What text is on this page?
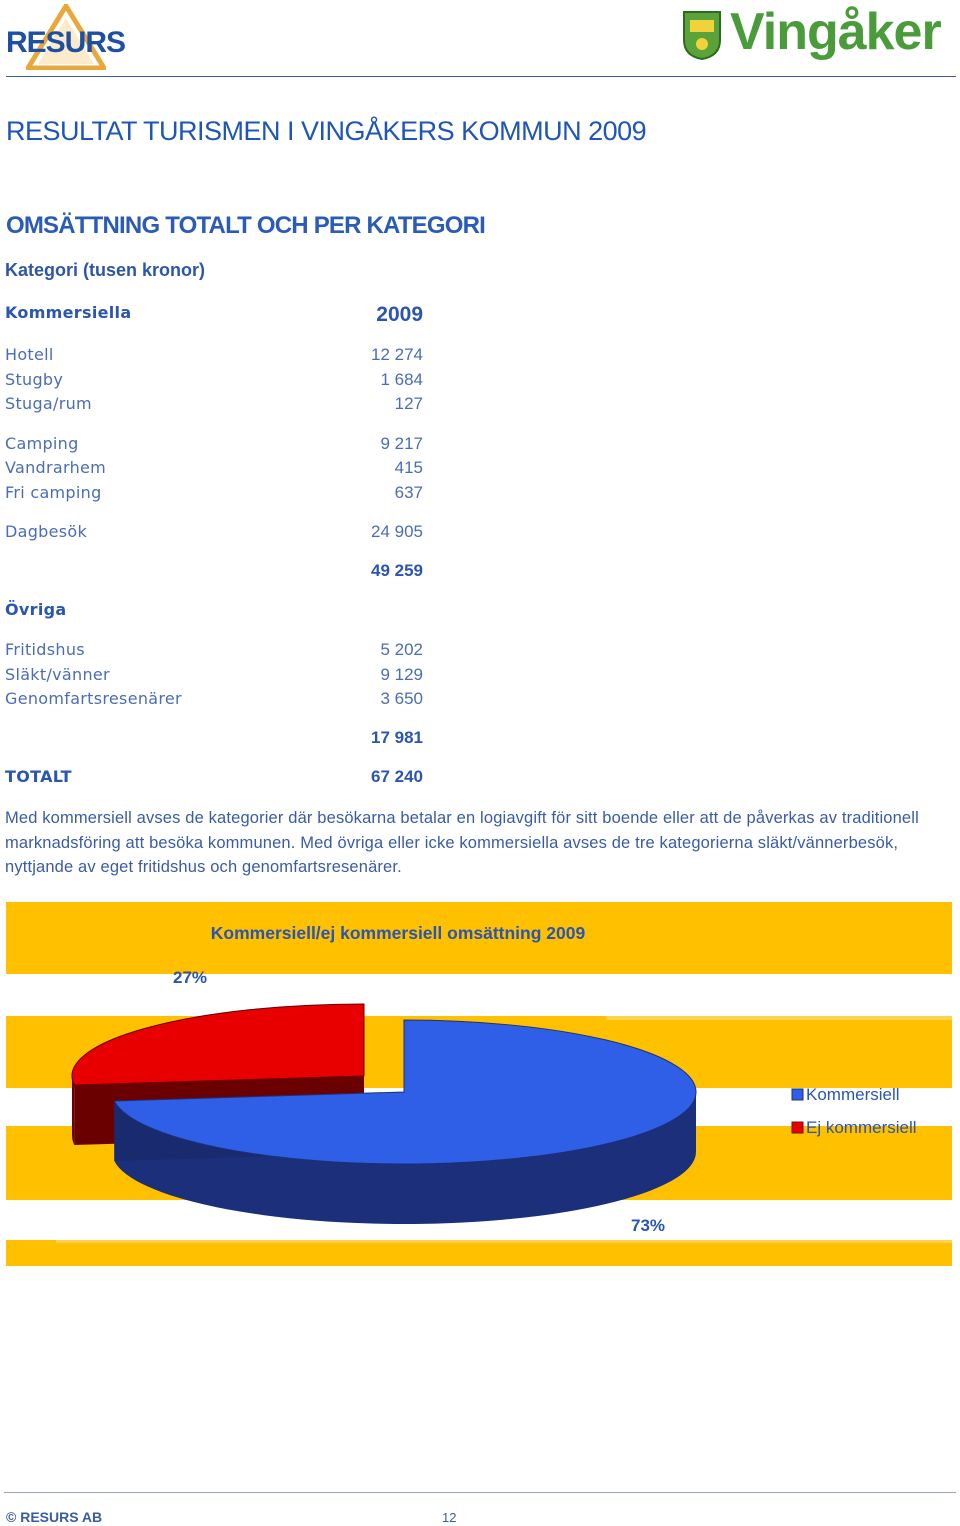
RESURS	Vingåker
RESULTAT TURISMEN I VINGÅKERS KOMMUN 2009
OMSÄTTNING TOTALT OCH PER KATEGORI
Kategori (tusen kronor)
Kommersiella	2009
Hotell	12 274
Stugby	1 684
Stuga/rum	127
Camping	9 217
Vandrarhem	415
Fri camping	637
Dagbesök	24 905
49 259
Övriga
Fritidshus	5 202
Släkt/vänner	9 129
Genomfartsresenärer	3 650
17 981
TOTALT	67 240
Med kommersiell avses de kategorier där besökarna betalar en logiavgift för sitt boende eller att de påverkas av traditionell marknadsföring att besöka kommunen. Med övriga eller icke kommersiella avses de tre kategorierna släkt/vännerbesök, nyttjande av eget fritidshus och genomfartsresenärer.
Kommersiell/ej kommersiell omsättning 2009
27%
73%
Kommersiell
Ej kommersiell
© RESURS AB	12
